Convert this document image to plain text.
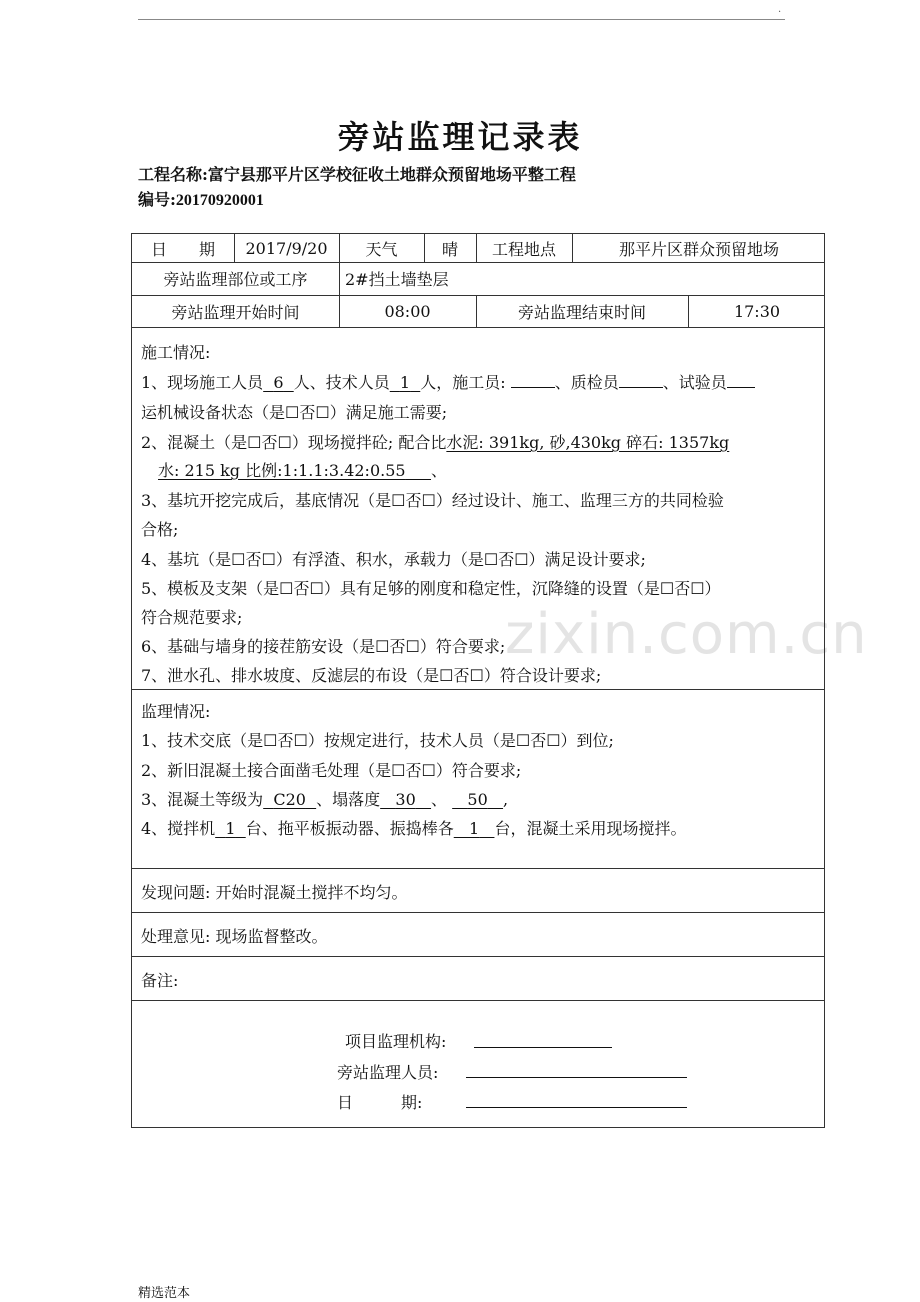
.
旁站监理记录表
工程名称:富宁县那平片区学校征收土地群众预留地场平整工程
编号:20170920001
zixin.com.cn
日　　期	2017/9/20	天气	晴	工程地点	那平片区群众预留地场
旁站监理部位或工序	2#挡土墙垫层
旁站监理开始时间	08:00	旁站监理结束时间	17:30
施工情况:
1、现场施工人员 6 人、技术人员 1 人，施工员:	、质检员	、试验员
运机械设备状态（是☐否☐）满足施工需要;
2、混凝土（是☐否☐）现场搅拌砼; 配合比水泥: 391kg, 砂,430kg 碎石: 1357kg
水: 215 kg 比例:1:1.1:3.42:0.55 、
3、基坑开挖完成后，基底情况（是☐否☐）经过设计、施工、监理三方的共同检验
合格;
4、基坑（是☐否☐）有浮渣、积水，承载力（是☐否☐）满足设计要求;
5、模板及支架（是☐否☐）具有足够的刚度和稳定性，沉降缝的设置（是☐否☐）
符合规范要求;
6、基础与墙身的接茬筋安设（是☐否☐）符合要求;
7、泄水孔、排水坡度、反滤层的布设（是☐否☐）符合设计要求;
监理情况:
1、技术交底（是☐否☐）按规定进行，技术人员（是☐否☐）到位;
2、新旧混凝土接合面凿毛处理（是☐否☐）符合要求;
3、混凝土等级为 C20 、塌落度 30 、 50 ,
4、搅拌机 1 台、拖平板振动器、振捣棒各 1 台，混凝土采用现场搅拌。
发现问题: 开始时混凝土搅拌不均匀。
处理意见: 现场监督整改。
备注:
项目监理机构:
旁站监理人员:
日　　　期:
精选范本
